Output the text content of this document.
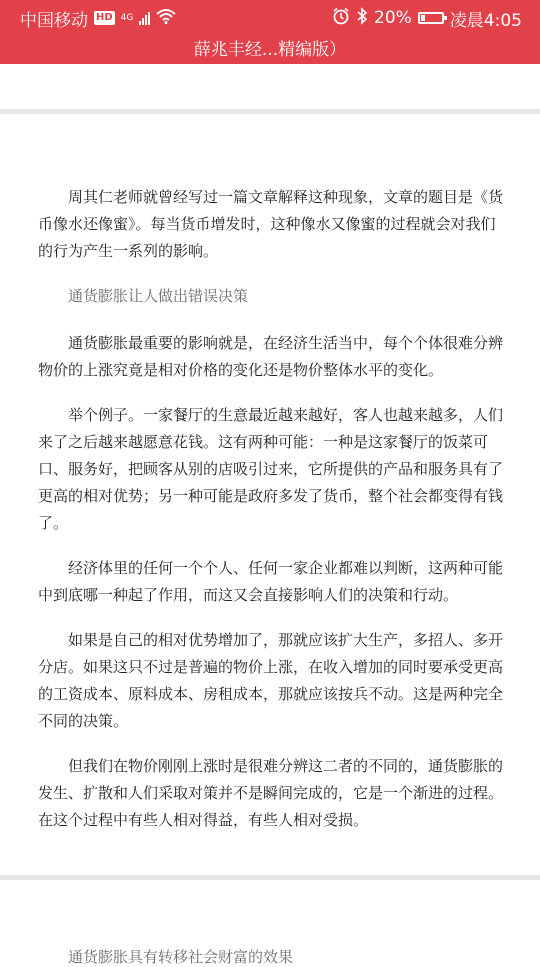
中国移动 HD 4G	20% 凌晨4:05
薛兆丰经...精编版）

周其仁老师就曾经写过一篇文章解释这种现象，文章的题目是《货币像水还像蜜》。每当货币增发时，这种像水又像蜜的过程就会对我们的行为产生一系列的影响。

通货膨胀让人做出错误决策

通货膨胀最重要的影响就是，在经济生活当中，每个个体很难分辨物价的上涨究竟是相对价格的变化还是物价整体水平的变化。

举个例子。一家餐厅的生意最近越来越好，客人也越来越多，人们来了之后越来越愿意花钱。这有两种可能：一种是这家餐厅的饭菜可口、服务好，把顾客从别的店吸引过来，它所提供的产品和服务具有了更高的相对优势；另一种可能是政府多发了货币，整个社会都变得有钱了。

经济体里的任何一个个人、任何一家企业都难以判断，这两种可能中到底哪一种起了作用，而这又会直接影响人们的决策和行动。

如果是自己的相对优势增加了，那就应该扩大生产，多招人、多开分店。如果这只不过是普遍的物价上涨，在收入增加的同时要承受更高的工资成本、原料成本、房租成本，那就应该按兵不动。这是两种完全不同的决策。

但我们在物价刚刚上涨时是很难分辨这二者的不同的，通货膨胀的发生、扩散和人们采取对策并不是瞬间完成的，它是一个渐进的过程。在这个过程中有些人相对得益，有些人相对受损。

通货膨胀具有转移社会财富的效果
